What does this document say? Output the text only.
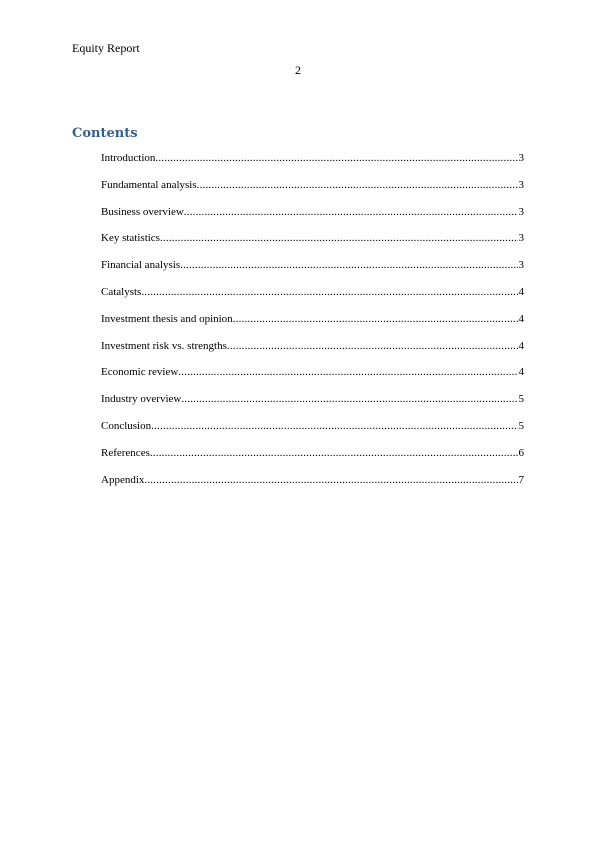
Equity Report
2
Contents
Introduction .....	3
Fundamental analysis .....	3
Business overview .....	3
Key statistics .....	3
Financial analysis .....	3
Catalysts .....	4
Investment thesis and opinion .....	4
Investment risk vs. strengths .....	4
Economic review .....	4
Industry overview .....	5
Conclusion .....	5
References .....	6
Appendix .....	7
